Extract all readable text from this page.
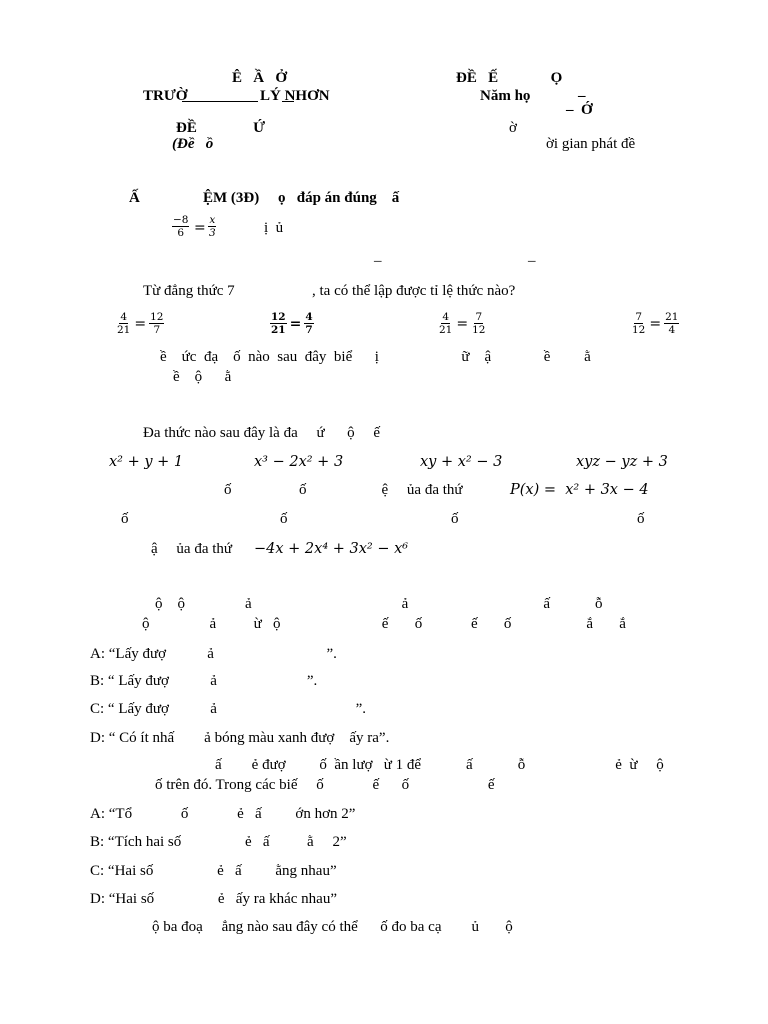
Ê   Ầ   Ở	ĐỀ   Ế              Ọ
TRƯỜ	LÝ NHƠN	Năm họ	–
–  Ớ
ĐỀ               Ứ
(Đề   ồ
ờ
ời gian phát đề
Ấ	ỆM (3Đ)     ọ   đáp án đúng    ấ
$\frac{-8}{6} = \frac{x}{3}$	ị  ủ
–	–
Từ đẳng thức 7	, ta có thể lập được tỉ lệ thức nào?
$\frac{4}{21} = \frac{12}{7}$	$\frac{12}{21} = \frac{4}{7}$	$\frac{4}{21} = \frac{7}{12}$	$\frac{7}{12} = \frac{21}{4}$
ề    ức  đạ    ố  nào  sau  đây  biể      ị                      ữ    ậ              ề         ằ
ề    ộ      ằ
Đa thức nào sau đây là đa     ứ      ộ     ế
x² + y + 1	x³ − 2x² + 3	xy + x² − 3	xyz − yz + 3
ố                  ố                    ệ     ủa đa thứ	P(x) =  x² + 3x − 4
ố	ố	ố	ố
ậ     ủa đa thứ −4x + 2x⁴ + 3x² − x⁶
ộ    ộ                ả                                        ả                                    ấ            ỗ
ộ                ả          ừ   ộ                           ế       ố             ế       ố                    ắ       ắ
A: “Lấy đượ           ả                              ”.
B: “ Lấy đượ           ả                        ”.
C: “ Lấy đượ           ả                                     ”.
D: “ Có ít nhấ        ả bóng màu xanh đượ    ấy ra”.
ấ        ẻ đượ         ố  ần lượ   ừ 1 để            ấ            ỗ                        ẻ  ừ     ộ
ố trên đó. Trong các biế     ố             ế      ố                     ế
A: “Tổ             ố             ẻ   ấ         ớn hơn 2”
B: “Tích hai số                 ẻ   ấ          ằ     2”
C: “Hai số                 ẻ   ấ         ằng nhau”
D: “Hai số                 ẻ   ấy ra khác nhau”
ộ ba đoạ     ẳng nào sau đây có thể      ố đo ba cạ        ủ       ộ
